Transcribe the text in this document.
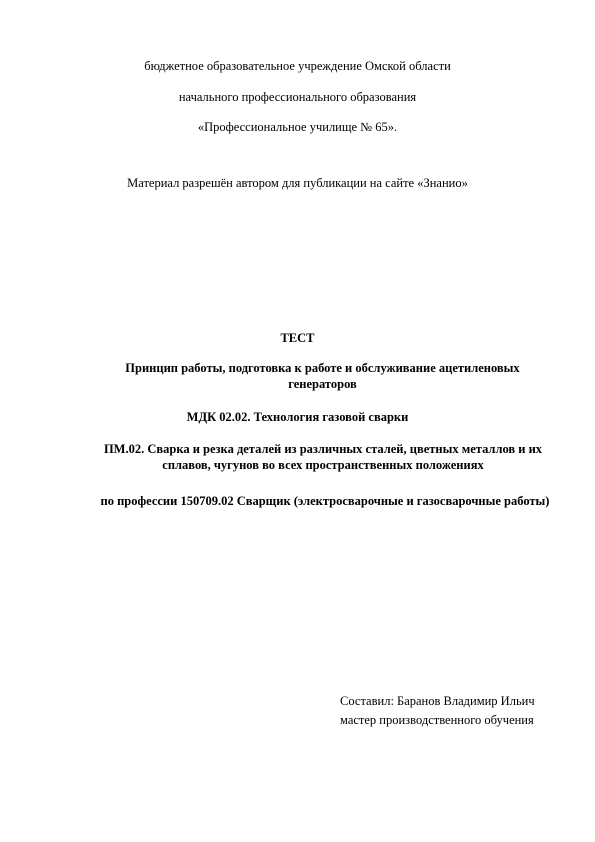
бюджетное образовательное учреждение Омской области
начального профессионального образования
«Профессиональное училище № 65».
Материал разрешён автором для публикации на сайте «Знанио»
ТЕСТ
Принцип работы, подготовка к работе и обслуживание ацетиленовых генераторов
МДК 02.02. Технология газовой сварки
ПМ.02. Сварка и резка деталей из различных сталей, цветных металлов и их сплавов, чугунов во всех пространственных положениях
по профессии 150709.02 Сварщик (электросварочные и газосварочные работы)
Составил: Баранов Владимир Ильич
мастер производственного обучения
